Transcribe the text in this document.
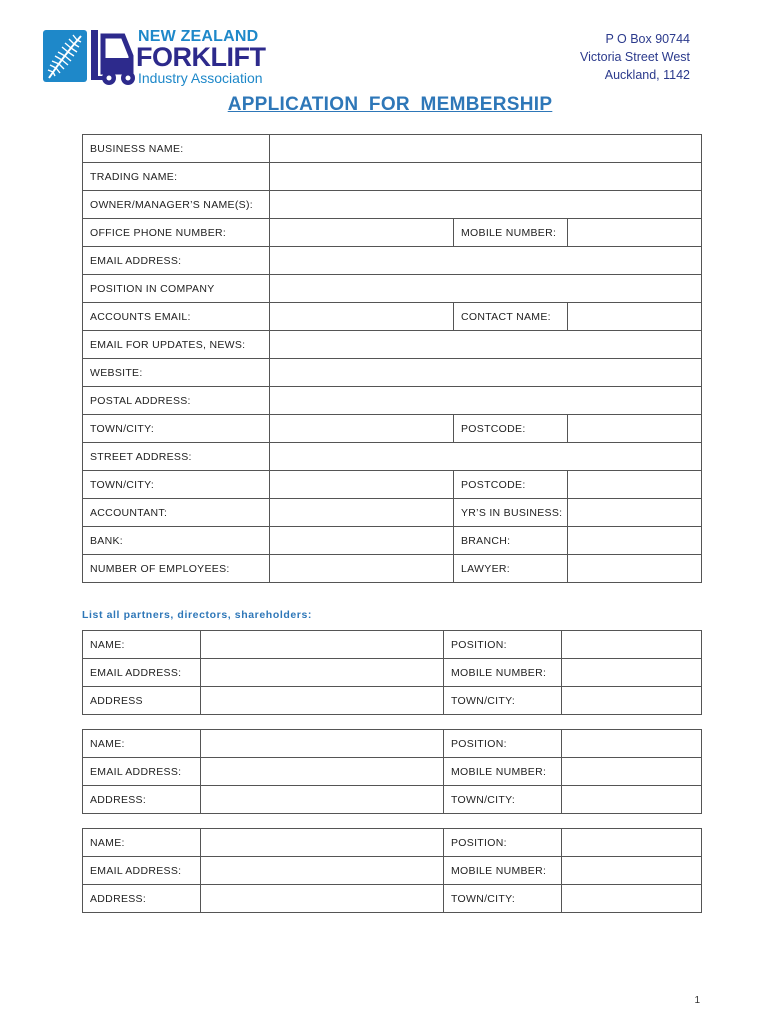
NEW ZEALAND
FORKLIFT
Industry Association
P O Box 90744
Victoria Street West
Auckland, 1142
APPLICATION FOR MEMBERSHIP
BUSINESS NAME:			
TRADING NAME:			
OWNER/MANAGER’S NAME(S):			
OFFICE PHONE NUMBER:		MOBILE NUMBER:	
EMAIL ADDRESS:			
POSITION IN COMPANY			
ACCOUNTS EMAIL:		CONTACT NAME:	
EMAIL FOR UPDATES, NEWS:			
WEBSITE:			
POSTAL ADDRESS:			
TOWN/CITY:		POSTCODE:	
STREET ADDRESS:			
TOWN/CITY:		POSTCODE:	
ACCOUNTANT:		YR’S IN BUSINESS:	
BANK:		BRANCH:	
NUMBER OF EMPLOYEES:		LAWYER:	
List all partners, directors, shareholders:
NAME:		POSITION:	
EMAIL ADDRESS:		MOBILE NUMBER:	
ADDRESS		TOWN/CITY:	
NAME:		POSITION:	
EMAIL ADDRESS:		MOBILE NUMBER:	
ADDRESS:		TOWN/CITY:	
NAME:		POSITION:	
EMAIL ADDRESS:		MOBILE NUMBER:	
ADDRESS:		TOWN/CITY:	
1
